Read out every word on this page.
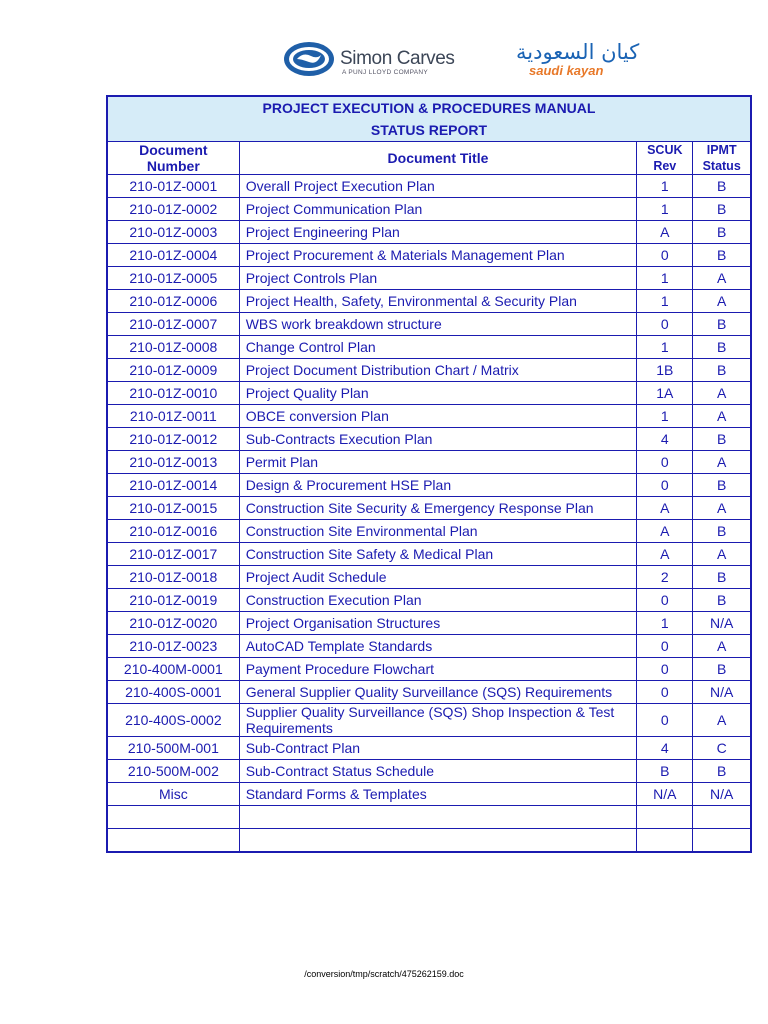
Simon Carves
A PUNJ LLOYD COMPANY
كيان السعودية
saudi kayan
PROJECT EXECUTION & PROCEDURES MANUAL
STATUS REPORT			

Document Number	Document Title	SCUK Rev	IPMT Status
210-01Z-0001	Overall Project Execution Plan	1	B
210-01Z-0002	Project Communication Plan	1	B
210-01Z-0003	Project Engineering Plan	A	B
210-01Z-0004	Project Procurement & Materials Management Plan	0	B
210-01Z-0005	Project Controls Plan	1	A
210-01Z-0006	Project Health, Safety, Environmental & Security Plan	1	A
210-01Z-0007	WBS work breakdown structure	0	B
210-01Z-0008	Change Control Plan	1	B
210-01Z-0009	Project Document Distribution Chart / Matrix	1B	B
210-01Z-0010	Project Quality Plan	1A	A
210-01Z-0011	OBCE conversion Plan	1	A
210-01Z-0012	Sub-Contracts Execution Plan	4	B
210-01Z-0013	Permit Plan	0	A
210-01Z-0014	Design & Procurement HSE Plan	0	B
210-01Z-0015	Construction Site Security & Emergency Response Plan	A	A
210-01Z-0016	Construction Site Environmental Plan	A	B
210-01Z-0017	Construction Site Safety & Medical Plan	A	A
210-01Z-0018	Project Audit Schedule	2	B
210-01Z-0019	Construction Execution Plan	0	B
210-01Z-0020	Project Organisation Structures	1	N/A
210-01Z-0023	AutoCAD Template Standards	0	A
210-400M-0001	Payment Procedure Flowchart	0	B
210-400S-0001	General Supplier Quality Surveillance (SQS) Requirements	0	N/A
210-400S-0002	Supplier Quality Surveillance (SQS) Shop Inspection & Test Requirements	0	A
210-500M-001	Sub-Contract Plan	4	C
210-500M-002	Sub-Contract Status Schedule	B	B
Misc	Standard Forms & Templates	N/A	N/A

/conversion/tmp/scratch/475262159.doc
